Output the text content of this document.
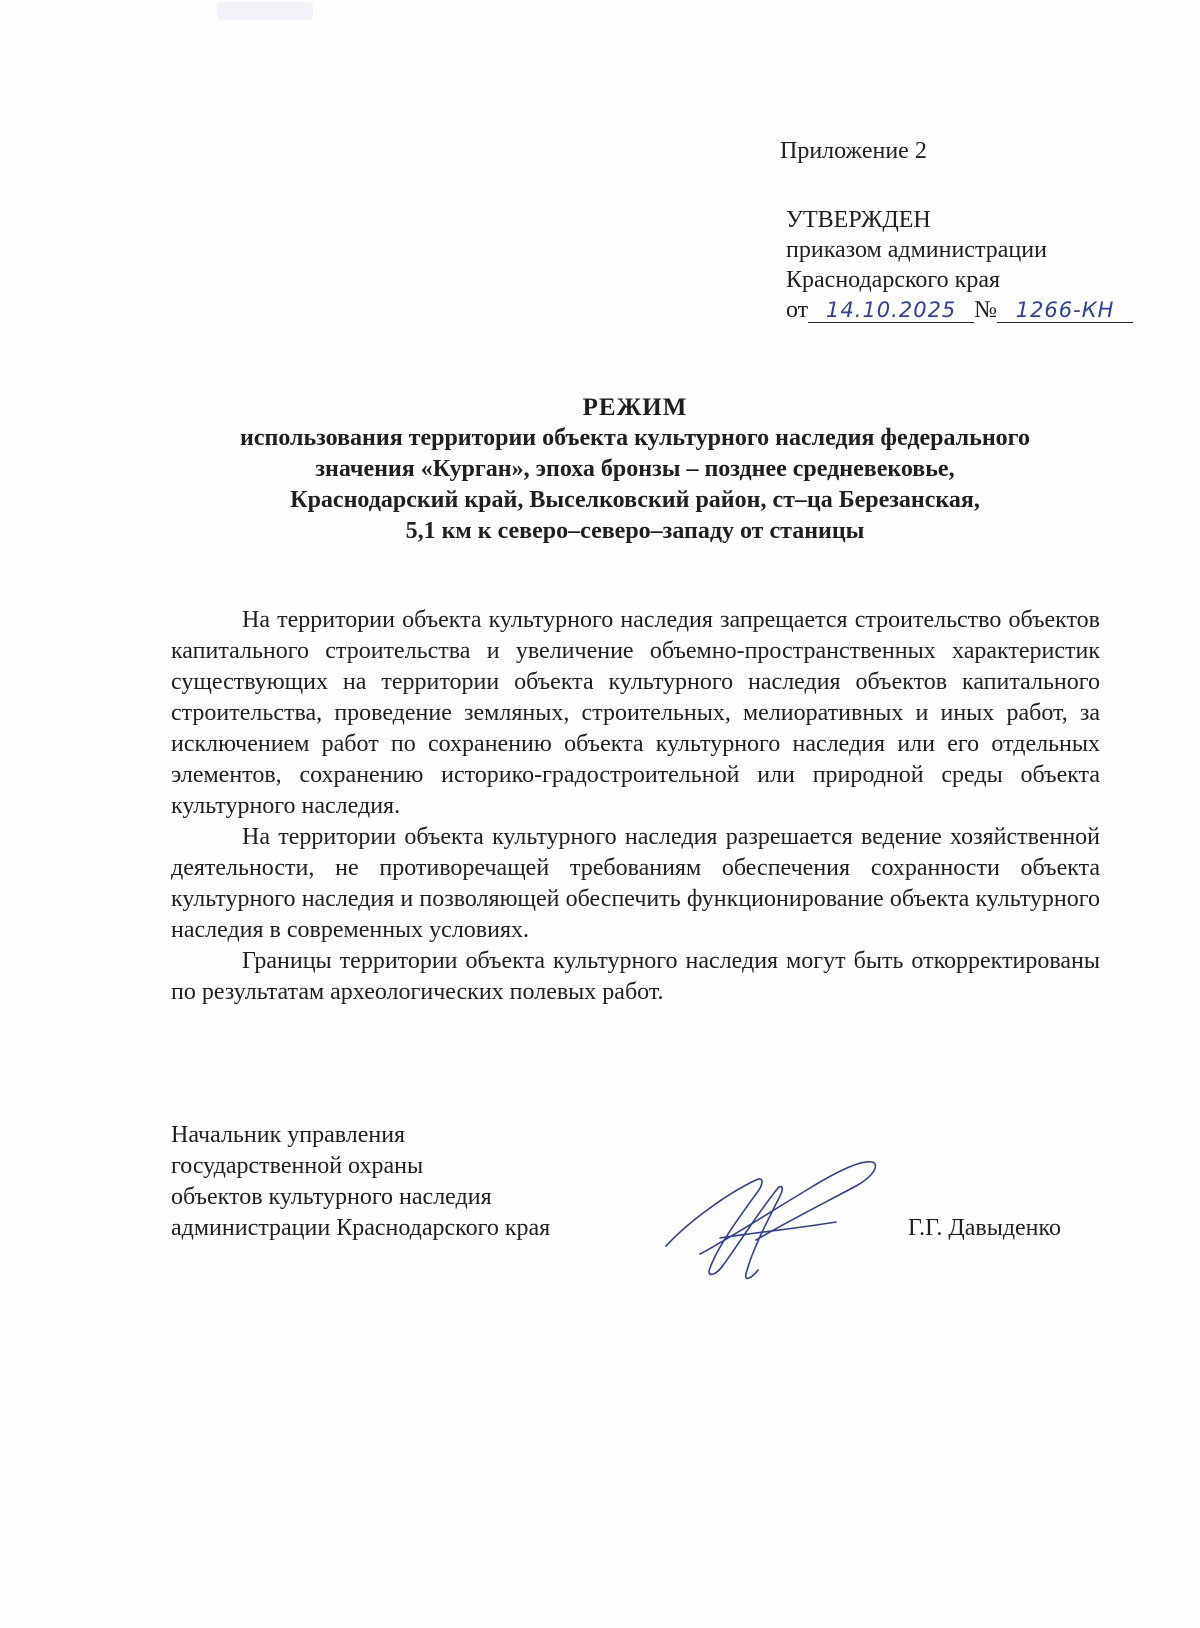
Приложение 2
УТВЕРЖДЕН
приказом администрации
Краснодарского края
от 14.10.2025 № 1266-КН
РЕЖИМ
использования территории объекта культурного наследия федерального
значения «Курган», эпоха бронзы – позднее средневековье,
Краснодарский край, Выселковский район, ст–ца Березанская,
5,1 км к северо–северо–западу от станицы

На территории объекта культурного наследия запрещается строительство объектов капитального строительства и увеличение объемно-пространственных характеристик существующих на территории объекта культурного наследия объектов капитального строительства, проведение земляных, строительных, мелиоративных и иных работ, за исключением работ по сохранению объекта культурного наследия или его отдельных элементов, сохранению историко-градостроительной или природной среды объекта культурного наследия.

На территории объекта культурного наследия разрешается ведение хозяйственной деятельности, не противоречащей требованиям обеспечения сохранности объекта культурного наследия и позволяющей обеспечить функционирование объекта культурного наследия в современных условиях.

Границы территории объекта культурного наследия могут быть откорректированы по результатам археологических полевых работ.

Начальник управления
государственной охраны
объектов культурного наследия
администрации Краснодарского края	Г.Г. Давыденко
